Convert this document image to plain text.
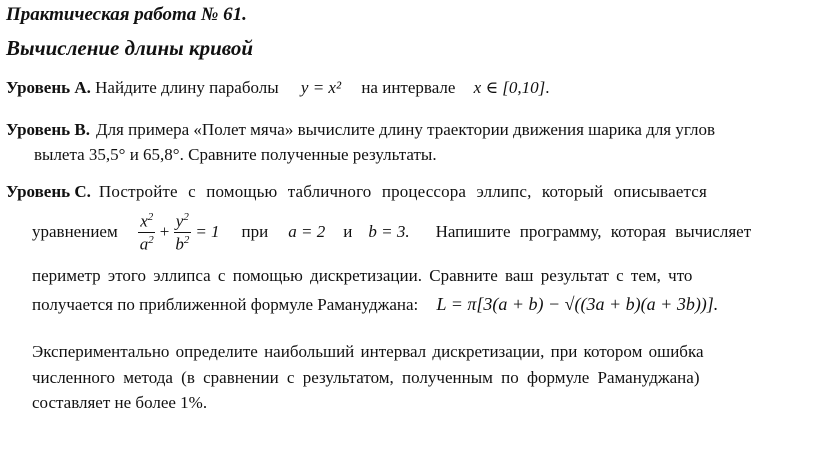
Практическая работа № 61.
Вычисление длины кривой
Уровень А. Найдите длину параболы y = x² на интервале x ∈ [0,10].
Уровень В. Для примера «Полет мяча» вычислите длину траектории движения шарика для углов
вылета 35,5° и 65,8°. Сравните полученные результаты.
Уровень С. Постройте с помощью табличного процессора эллипс, который описывается
уравнением $\frac{x^2}{a^2} + \frac{y^2}{b^2} = 1$ при a = 2 и b = 3. Напишите программу, которая вычисляет
периметр этого эллипса с помощью дискретизации. Сравните ваш результат с тем, что
получается по приближенной формуле Рамануджана: L = π[3(a + b) − √((3a + b)(a + 3b))].
Экспериментально определите наибольший интервал дискретизации, при котором ошибка
численного метода (в сравнении с результатом, полученным по формуле Рамануджана)
составляет не более 1%.
